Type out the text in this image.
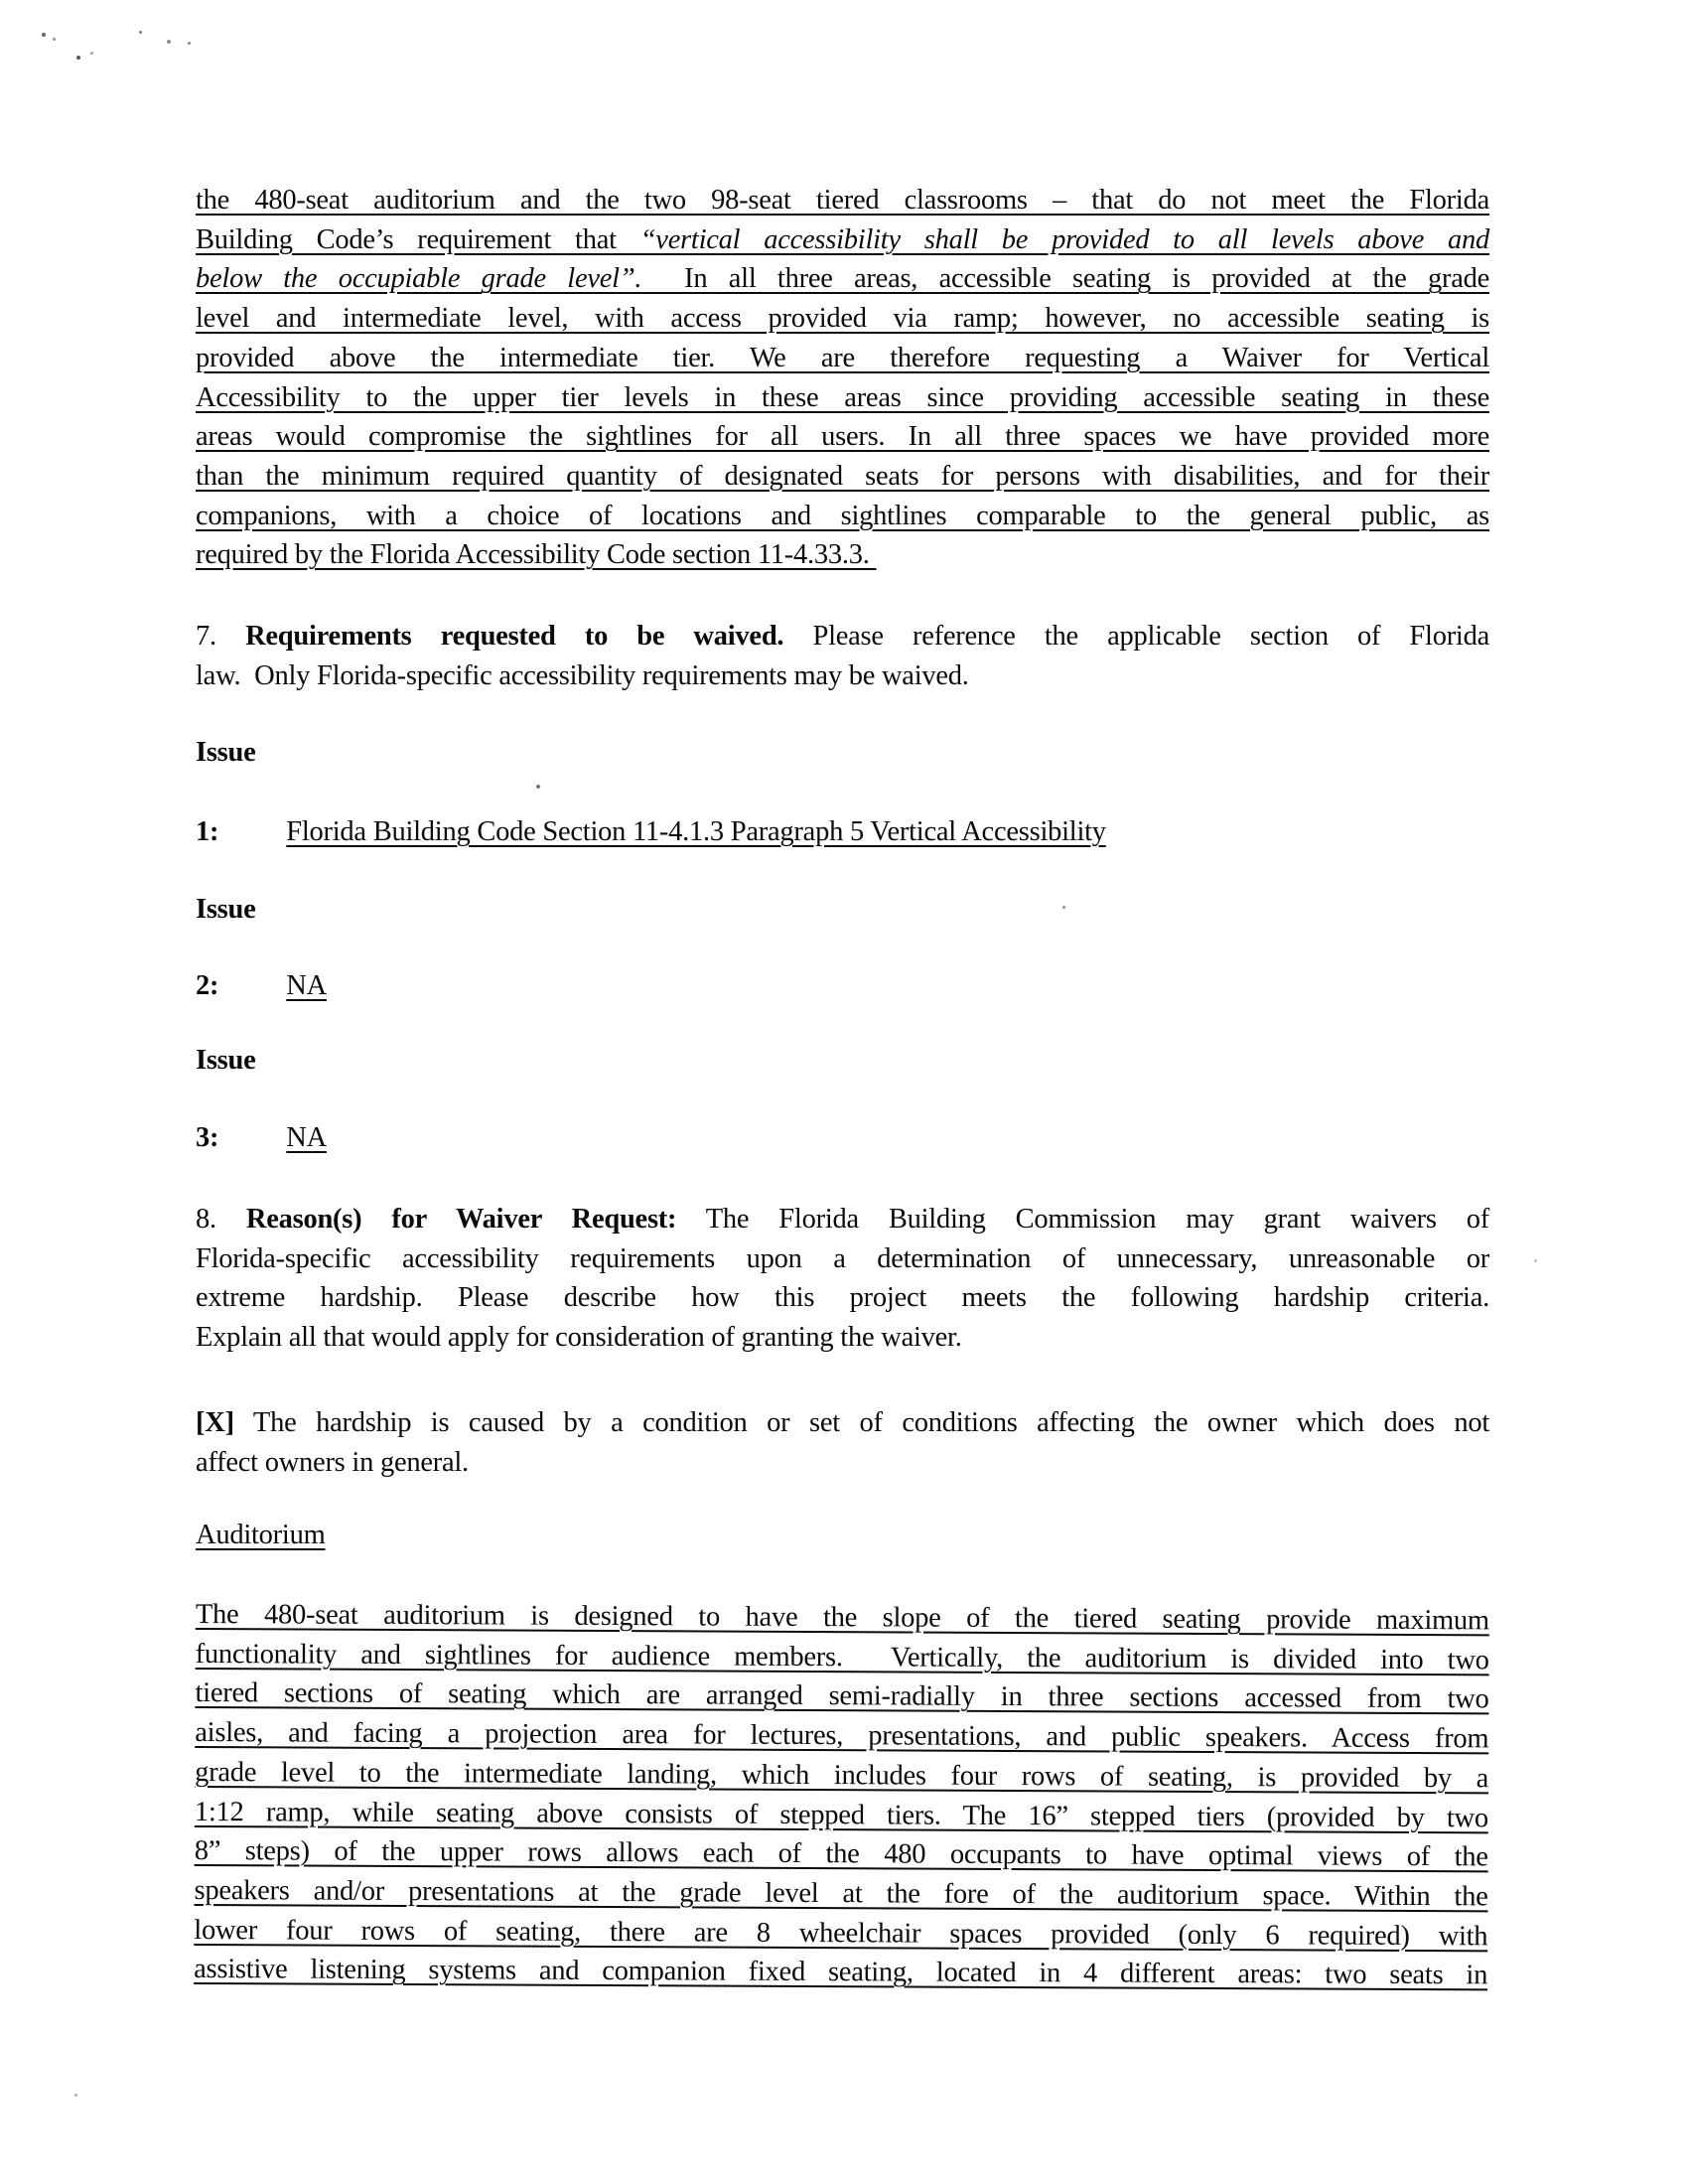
the 480-seat auditorium and the two 98-seat tiered classrooms – that do not meet the Florida
Building Code’s requirement that “vertical accessibility shall be provided to all levels above and
below the occupiable grade level”.  In all three areas, accessible seating is provided at the grade
level and intermediate level, with access provided via ramp; however, no accessible seating is
provided above the intermediate tier. We are therefore requesting a Waiver for Vertical
Accessibility to the upper tier levels in these areas since providing accessible seating in these
areas would compromise the sightlines for all users. In all three spaces we have provided more
than the minimum required quantity of designated seats for persons with disabilities, and for their
companions, with a choice of locations and sightlines comparable to the general public, as
required by the Florida Accessibility Code section 11-4.33.3.
7. Requirements requested to be waived. Please reference the applicable section of Florida
law.  Only Florida-specific accessibility requirements may be waived.
Issue
1: Florida Building Code Section 11-4.1.3 Paragraph 5 Vertical Accessibility
Issue
2: NA
Issue
3: NA
8. Reason(s) for Waiver Request: The Florida Building Commission may grant waivers of
Florida-specific accessibility requirements upon a determination of unnecessary, unreasonable or
extreme hardship. Please describe how this project meets the following hardship criteria.
Explain all that would apply for consideration of granting the waiver.
[X] The hardship is caused by a condition or set of conditions affecting the owner which does not
affect owners in general.
Auditorium
The 480-seat auditorium is designed to have the slope of the tiered seating provide maximum
functionality and sightlines for audience members.  Vertically, the auditorium is divided into two
tiered sections of seating which are arranged semi-radially in three sections accessed from two
aisles, and facing a projection area for lectures, presentations, and public speakers. Access from
grade level to the intermediate landing, which includes four rows of seating, is provided by a
1:12 ramp, while seating above consists of stepped tiers. The 16” stepped tiers (provided by two
8” steps) of the upper rows allows each of the 480 occupants to have optimal views of the
speakers and/or presentations at the grade level at the fore of the auditorium space. Within the
lower four rows of seating, there are 8 wheelchair spaces provided (only 6 required) with
assistive listening systems and companion fixed seating, located in 4 different areas: two seats in
